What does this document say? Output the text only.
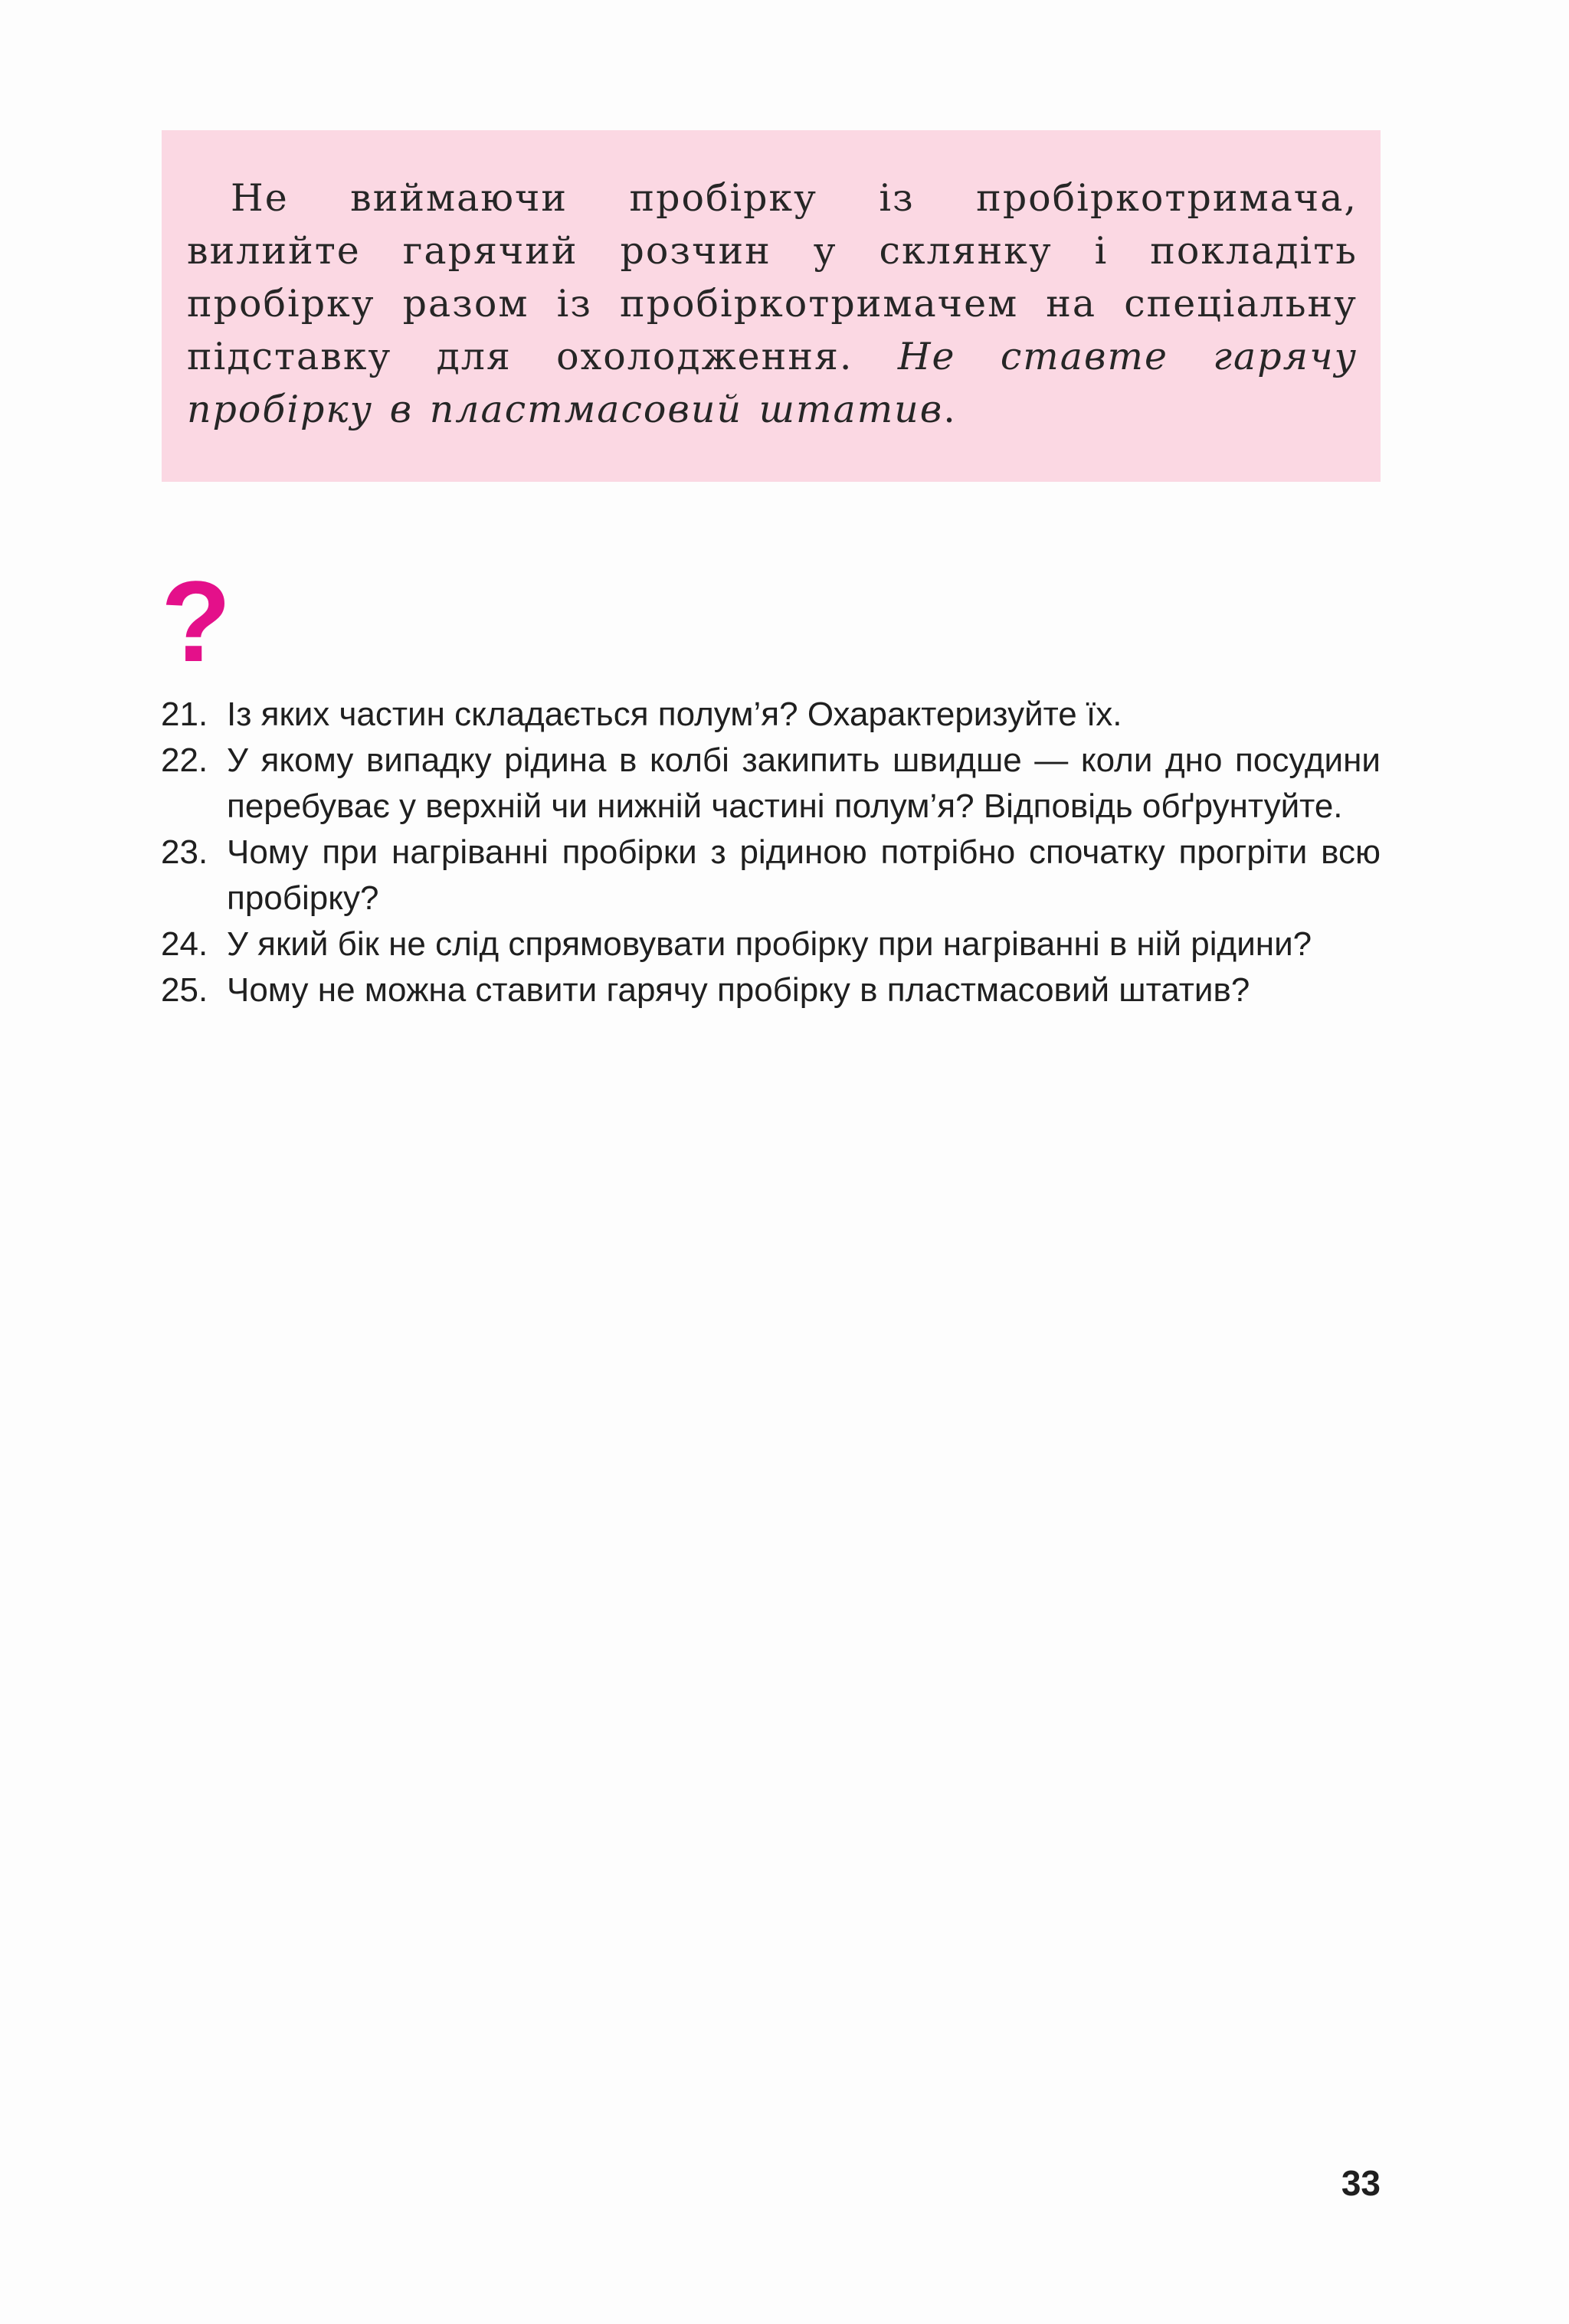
Не виймаючи пробірку із пробіркотримача, вилийте гарячий розчин у склянку і покладіть пробірку разом із пробіркотримачем на спеціальну підставку для охолодження. Не ставте гарячу пробірку в пластмасовий штатив.

?
21. Із яких частин складається полум’я? Охарактеризуйте їх.
22. У якому випадку рідина в колбі закипить швидше — коли дно посудини перебуває у верхній чи нижній частині полум’я? Відповідь обґрунтуйте.
23. Чому при нагріванні пробірки з рідиною потрібно спочатку прогріти всю пробірку?
24. У який бік не слід спрямовувати пробірку при нагріванні в ній рідини?
25. Чому не можна ставити гарячу пробірку в пластмасовий штатив?
33
